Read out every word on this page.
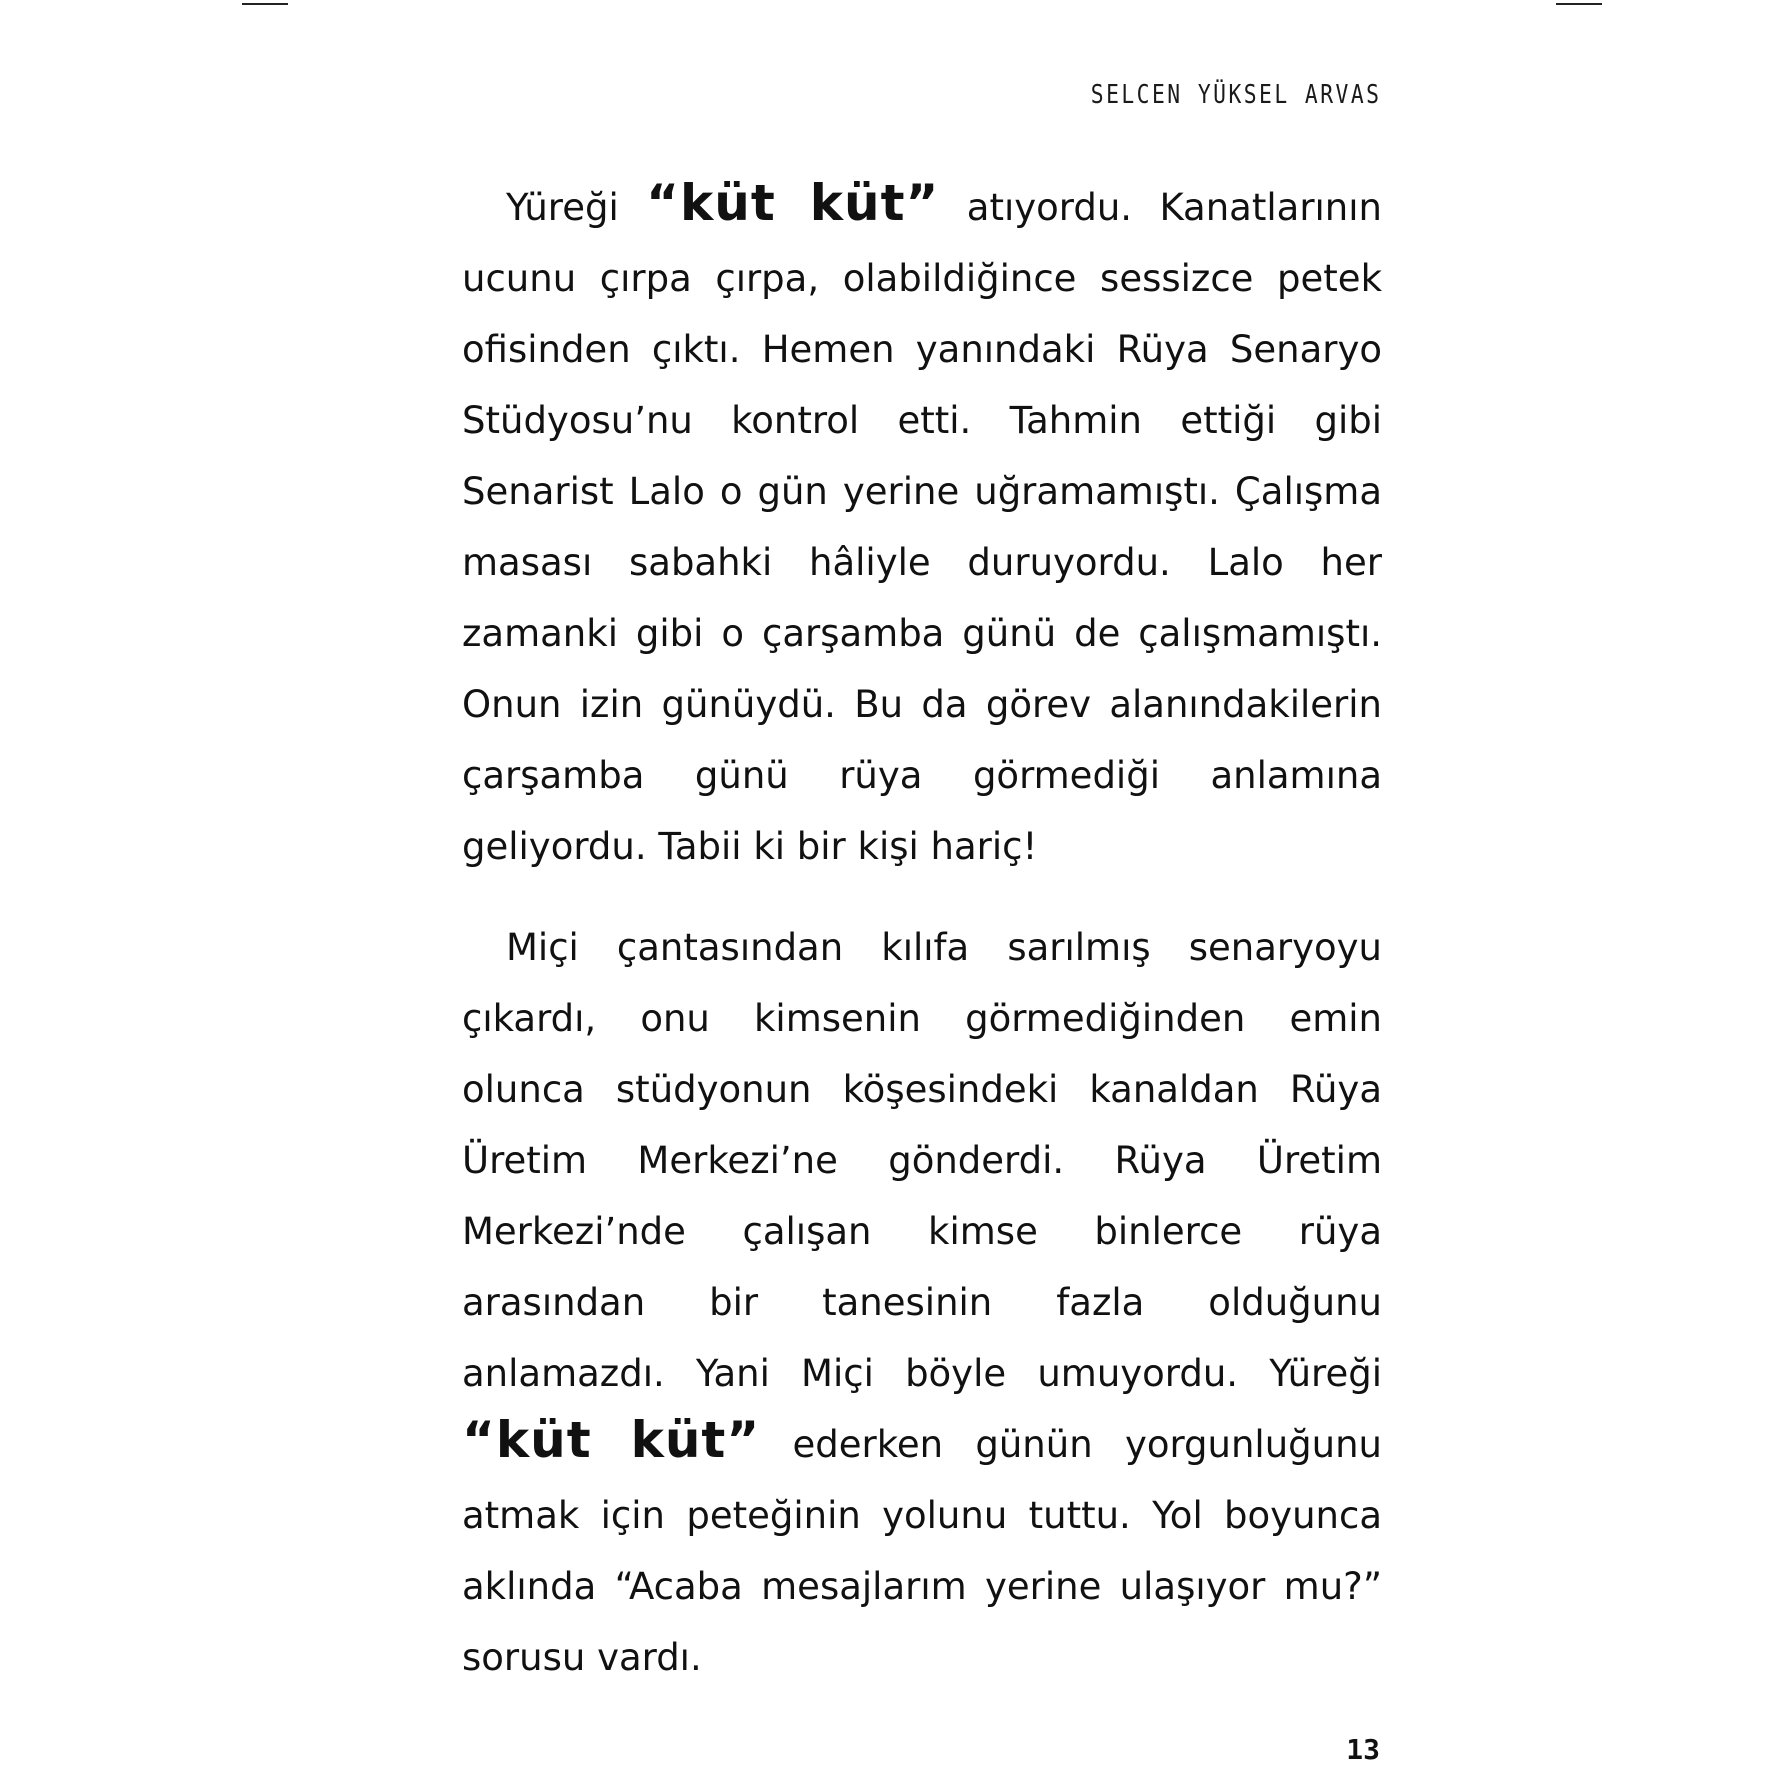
SELCEN YÜKSEL ARVAS

Yüreği “küt küt” atıyordu. Kanatlarının ucunu çırpa çırpa, olabildiğince sessizce petek ofisinden çıktı. Hemen yanındaki Rüya Senaryo Stüdyosu’nu kontrol etti. Tahmin ettiği gibi Senarist Lalo o gün yerine uğramamıştı. Çalışma masası sabahki hâliyle duruyordu. Lalo her zamanki gibi o çarşamba günü de çalışmamıştı. Onun izin günüydü. Bu da görev alanındakilerin çarşamba günü rüya görmediği anlamına geliyordu. Tabii ki bir kişi hariç!

Miçi çantasından kılıfa sarılmış senaryoyu çıkardı, onu kimsenin görmediğinden emin olunca stüdyonun köşesindeki kanaldan Rüya Üretim Merkezi’ne gönderdi. Rüya Üretim Merkezi’nde çalışan kimse binlerce rüya arasından bir tanesinin fazla olduğunu anlamazdı. Yani Miçi böyle umuyordu. Yüreği “küt küt” ederken günün yorgunluğunu atmak için peteğinin yolunu tuttu. Yol boyunca aklında “Acaba mesajlarım yerine ulaşıyor mu?” sorusu vardı.

13
